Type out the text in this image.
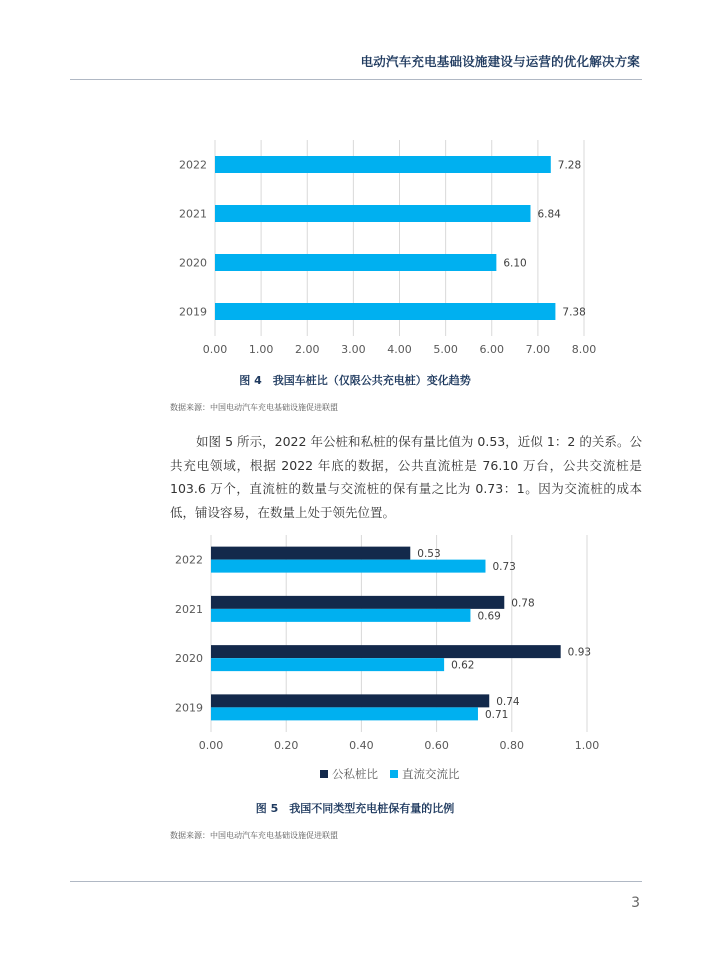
电动汽车充电基础设施建设与运营的优化解决方案
0.00 1.00 2.00 3.00 4.00 5.00 6.00 7.00 8.00
2022	7.28
2021	6.84
2020	6.10
2019	7.38
图 4　我国车桩比（仅限公共充电桩）变化趋势
数据来源：中国电动汽车充电基础设施促进联盟

如图 5 所示，2022 年公桩和私桩的保有量比值为 0.53，近似 1：2 的关系。公共充电领域，根据 2022 年底的数据，公共直流桩是 76.10 万台，公共交流桩是 103.6 万个，直流桩的数量与交流桩的保有量之比为 0.73：1。因为交流桩的成本低，铺设容易，在数量上处于领先位置。

0.00	0.20	0.40	0.60	0.80	1.00
2022	0.53
0.73
2021	0.78
0.69
2020	0.93
0.62
2019	0.74
0.71
公私桩比 直流交流比
图 5　我国不同类型充电桩保有量的比例
数据来源：中国电动汽车充电基础设施促进联盟
3
